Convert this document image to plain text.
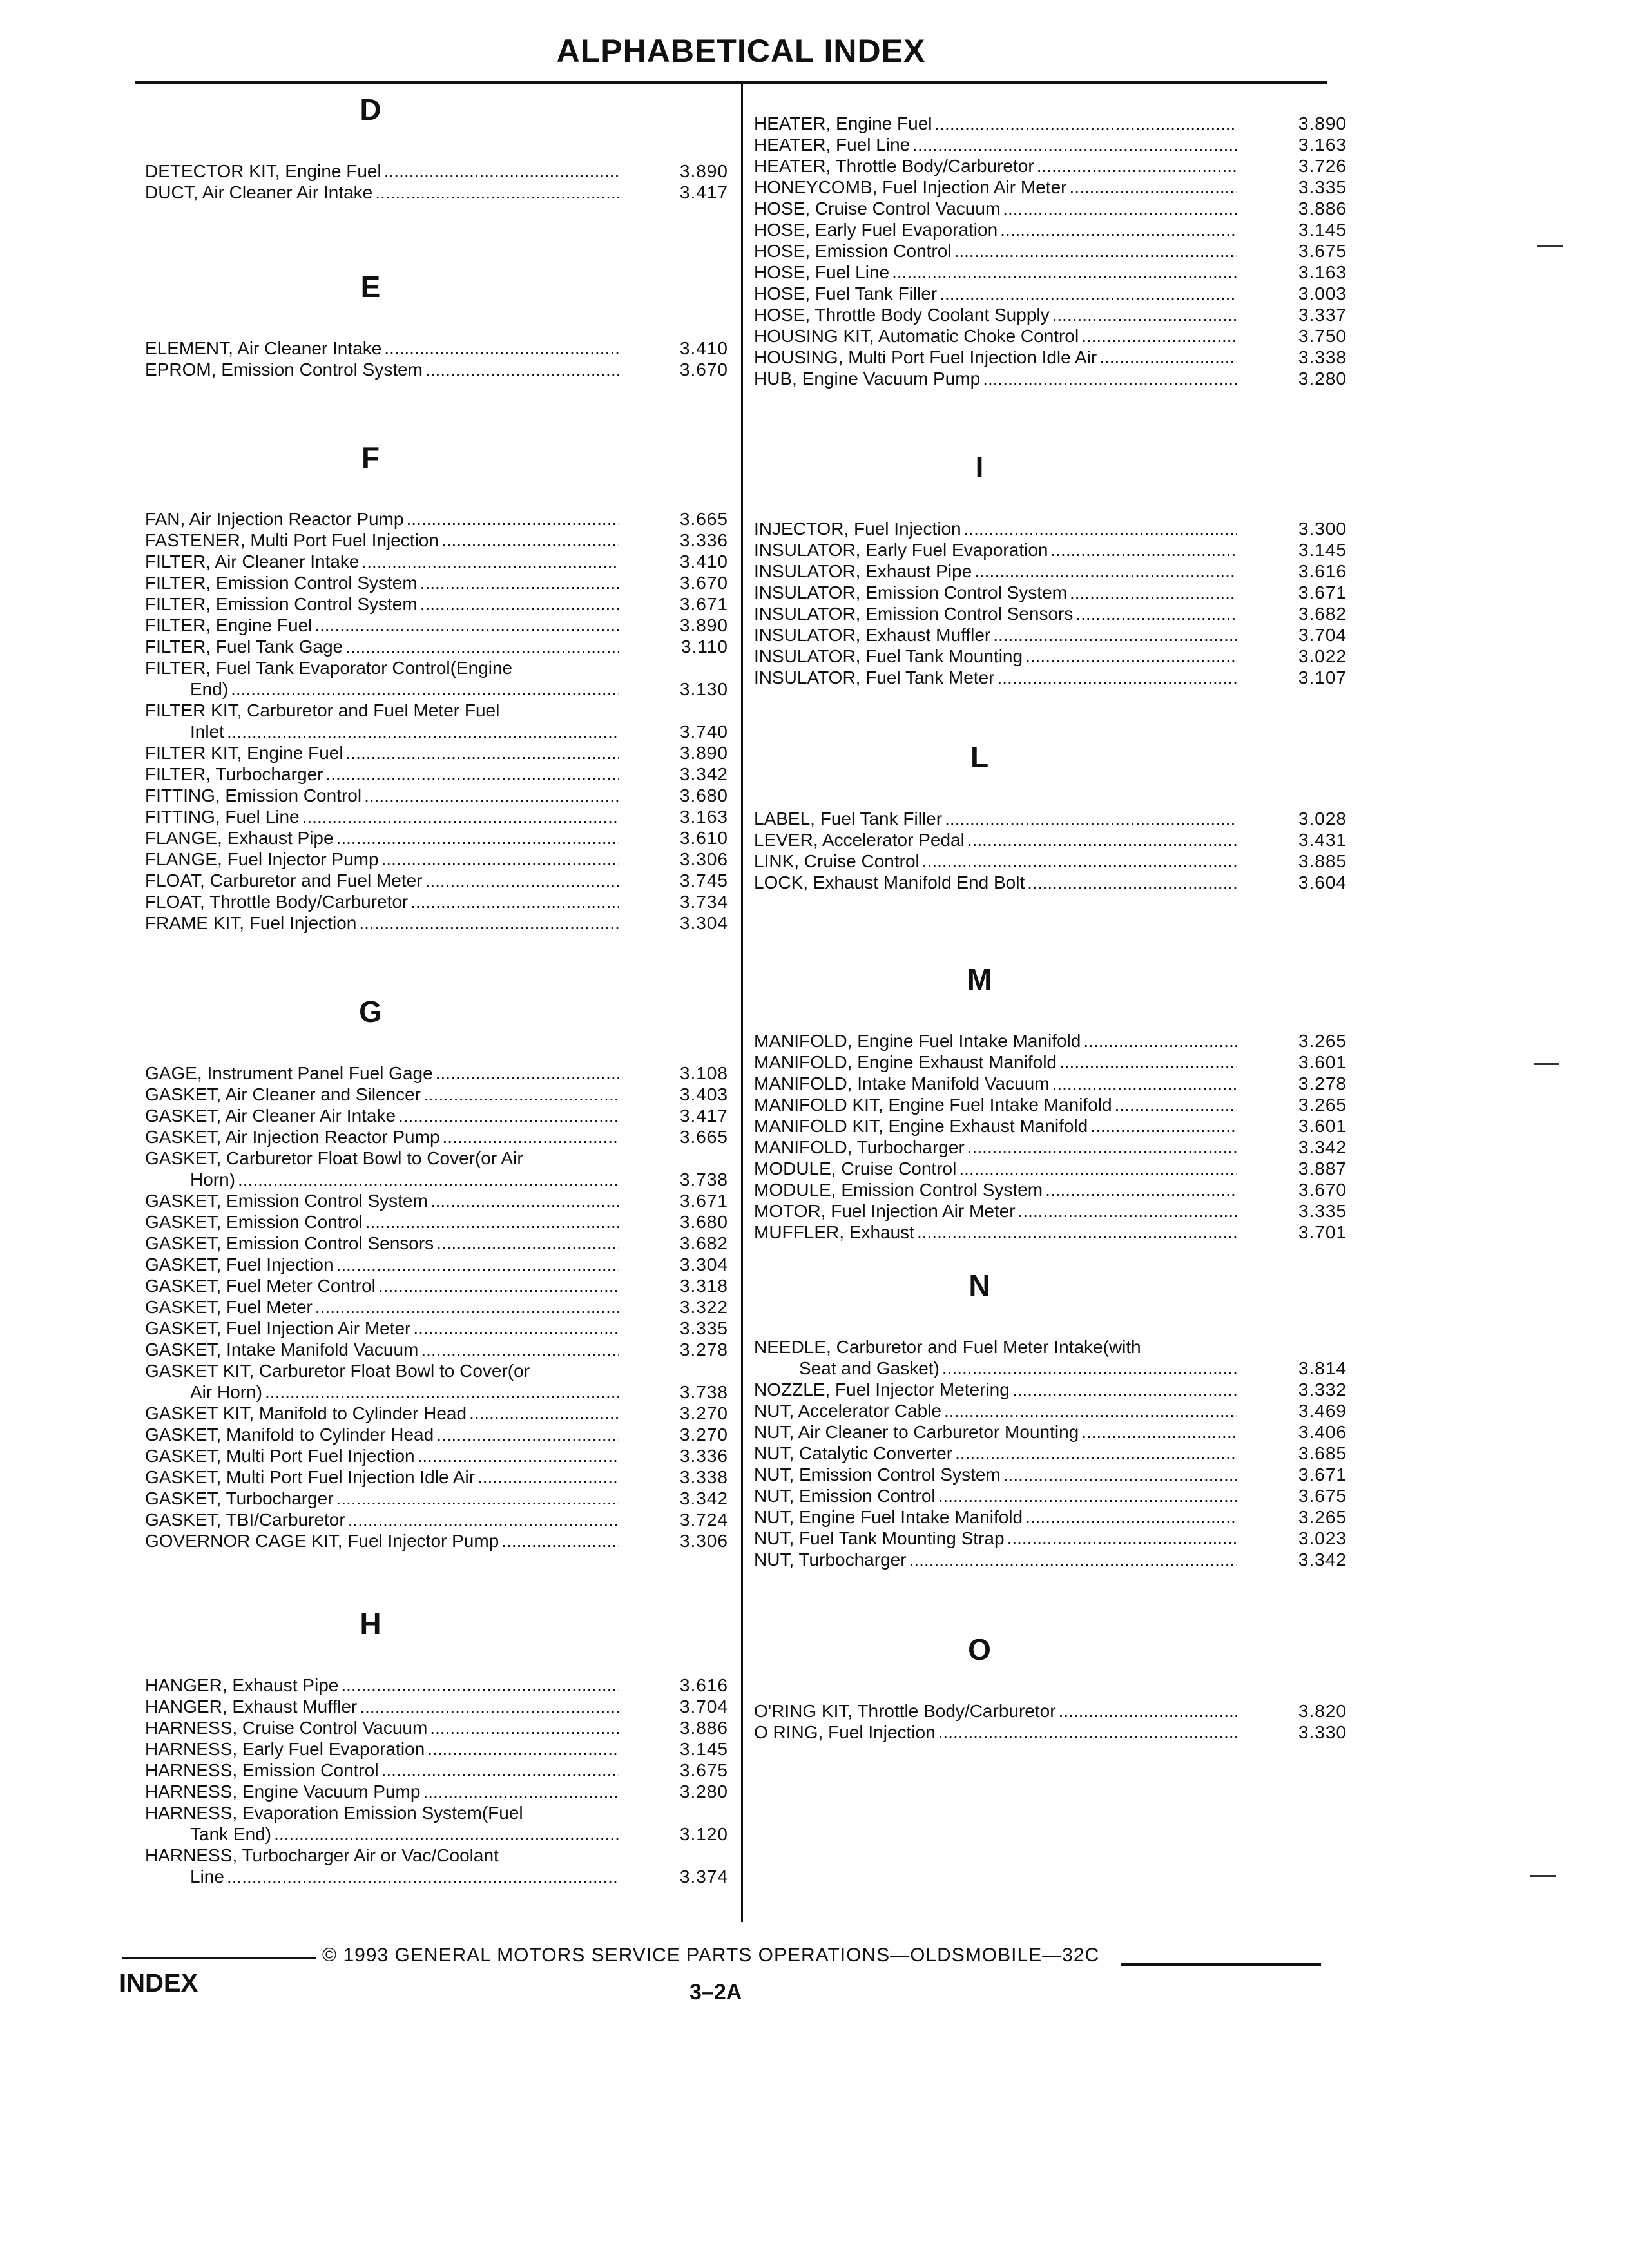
ALPHABETICAL INDEX
D
DETECTOR KIT, Engine Fuel .....	3.890
DUCT, Air Cleaner Air Intake .....	3.417
E
ELEMENT, Air Cleaner Intake .....	3.410
EPROM, Emission Control System .....	3.670
F
FAN, Air Injection Reactor Pump .....	3.665
FASTENER, Multi Port Fuel Injection .....	3.336
FILTER, Air Cleaner Intake .....	3.410
FILTER, Emission Control System .....	3.670
FILTER, Emission Control System .....	3.671
FILTER, Engine Fuel .....	3.890
FILTER, Fuel Tank Gage .....	3.110
FILTER, Fuel Tank Evaporator Control(Engine
End) .....	3.130
FILTER KIT, Carburetor and Fuel Meter Fuel
Inlet .....	3.740
FILTER KIT, Engine Fuel .....	3.890
FILTER, Turbocharger .....	3.342
FITTING, Emission Control .....	3.680
FITTING, Fuel Line .....	3.163
FLANGE, Exhaust Pipe .....	3.610
FLANGE, Fuel Injector Pump .....	3.306
FLOAT, Carburetor and Fuel Meter .....	3.745
FLOAT, Throttle Body/Carburetor .....	3.734
FRAME KIT, Fuel Injection .....	3.304
G
GAGE, Instrument Panel Fuel Gage .....	3.108
GASKET, Air Cleaner and Silencer .....	3.403
GASKET, Air Cleaner Air Intake .....	3.417
GASKET, Air Injection Reactor Pump .....	3.665
GASKET, Carburetor Float Bowl to Cover(or Air
Horn) .....	3.738
GASKET, Emission Control System .....	3.671
GASKET, Emission Control .....	3.680
GASKET, Emission Control Sensors .....	3.682
GASKET, Fuel Injection .....	3.304
GASKET, Fuel Meter Control .....	3.318
GASKET, Fuel Meter .....	3.322
GASKET, Fuel Injection Air Meter .....	3.335
GASKET, Intake Manifold Vacuum .....	3.278
GASKET KIT, Carburetor Float Bowl to Cover(or
Air Horn) .....	3.738
GASKET KIT, Manifold to Cylinder Head .....	3.270
GASKET, Manifold to Cylinder Head .....	3.270
GASKET, Multi Port Fuel Injection .....	3.336
GASKET, Multi Port Fuel Injection Idle Air .....	3.338
GASKET, Turbocharger .....	3.342
GASKET, TBI/Carburetor .....	3.724
GOVERNOR CAGE KIT, Fuel Injector Pump .....	3.306
H
HANGER, Exhaust Pipe .....	3.616
HANGER, Exhaust Muffler .....	3.704
HARNESS, Cruise Control Vacuum .....	3.886
HARNESS, Early Fuel Evaporation .....	3.145
HARNESS, Emission Control .....	3.675
HARNESS, Engine Vacuum Pump .....	3.280
HARNESS, Evaporation Emission System(Fuel
Tank End) .....	3.120
HARNESS, Turbocharger Air or Vac/Coolant
Line .....	3.374
HEATER, Engine Fuel .....	3.890
HEATER, Fuel Line .....	3.163
HEATER, Throttle Body/Carburetor .....	3.726
HONEYCOMB, Fuel Injection Air Meter .....	3.335
HOSE, Cruise Control Vacuum .....	3.886
HOSE, Early Fuel Evaporation .....	3.145
HOSE, Emission Control .....	3.675
HOSE, Fuel Line .....	3.163
HOSE, Fuel Tank Filler .....	3.003
HOSE, Throttle Body Coolant Supply .....	3.337
HOUSING KIT, Automatic Choke Control .....	3.750
HOUSING, Multi Port Fuel Injection Idle Air .....	3.338
HUB, Engine Vacuum Pump .....	3.280
I
INJECTOR, Fuel Injection .....	3.300
INSULATOR, Early Fuel Evaporation .....	3.145
INSULATOR, Exhaust Pipe .....	3.616
INSULATOR, Emission Control System .....	3.671
INSULATOR, Emission Control Sensors .....	3.682
INSULATOR, Exhaust Muffler .....	3.704
INSULATOR, Fuel Tank Mounting .....	3.022
INSULATOR, Fuel Tank Meter .....	3.107
L
LABEL, Fuel Tank Filler .....	3.028
LEVER, Accelerator Pedal .....	3.431
LINK, Cruise Control .....	3.885
LOCK, Exhaust Manifold End Bolt .....	3.604
M
MANIFOLD, Engine Fuel Intake Manifold .....	3.265
MANIFOLD, Engine Exhaust Manifold .....	3.601
MANIFOLD, Intake Manifold Vacuum .....	3.278
MANIFOLD KIT, Engine Fuel Intake Manifold .....	3.265
MANIFOLD KIT, Engine Exhaust Manifold .....	3.601
MANIFOLD, Turbocharger .....	3.342
MODULE, Cruise Control .....	3.887
MODULE, Emission Control System .....	3.670
MOTOR, Fuel Injection Air Meter .....	3.335
MUFFLER, Exhaust .....	3.701
N
NEEDLE, Carburetor and Fuel Meter Intake(with
Seat and Gasket) .....	3.814
NOZZLE, Fuel Injector Metering .....	3.332
NUT, Accelerator Cable .....	3.469
NUT, Air Cleaner to Carburetor Mounting .....	3.406
NUT, Catalytic Converter .....	3.685
NUT, Emission Control System .....	3.671
NUT, Emission Control .....	3.675
NUT, Engine Fuel Intake Manifold .....	3.265
NUT, Fuel Tank Mounting Strap .....	3.023
NUT, Turbocharger .....	3.342
O
O'RING KIT, Throttle Body/Carburetor .....	3.820
O RING, Fuel Injection .....	3.330
© 1993 GENERAL MOTORS SERVICE PARTS OPERATIONS—OLDSMOBILE—32C
INDEX	3–2A
